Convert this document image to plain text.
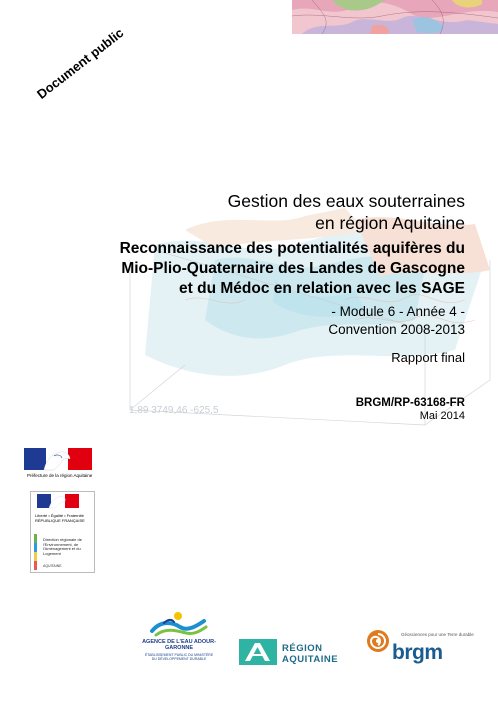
1,89 3749,46 -625,5
Document public

Gestion des eaux souterraines

en région Aquitaine

Reconnaissance des potentialités aquifères du
Mio-Plio-Quaternaire des Landes de Gascogne
et du Médoc en relation avec les SAGE

- Module 6 - Année 4 -
Convention 2008-2013

Rapport final

BRGM/RP-63168-FR
Mai 2014
Préfecture de la région Aquitaine
Liberté • Égalité • Fraternité RÉPUBLIQUE FRANÇAISE
Direction régionale de l'Environnement, de l'Aménagement et du Logement
AQUITAINE
AGENCE DE L'EAU ADOUR-GARONNE
ÉTABLISSEMENT PUBLIC DU MINISTÈRE DU DÉVELOPPEMENT DURABLE
RÉGION AQUITAINE
Géosciences pour une Terre durable
brgm
